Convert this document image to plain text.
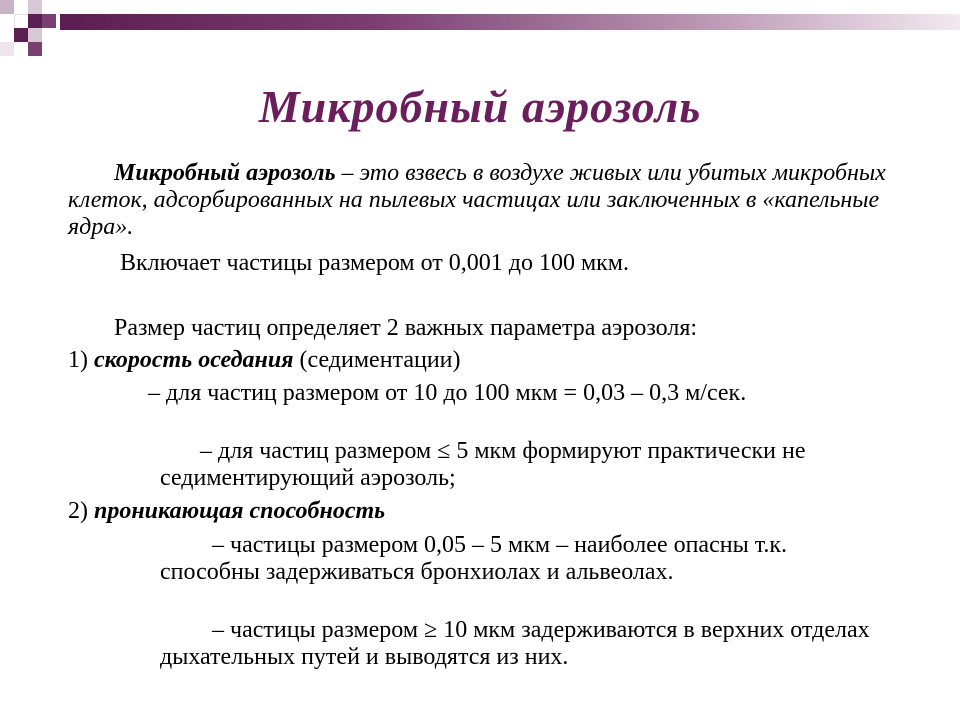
Микробный аэрозоль
Микробный аэрозоль – это взвесь в воздухе живых или убитых микробных клеток, адсорбированных на пылевых частицах или заключенных в «капельные ядра».
Включает частицы размером от 0,001 до 100 мкм.
Размер частиц определяет 2 важных параметра аэрозоля:
1) скорость оседания (седиментации)
– для частиц размером от 10 до 100 мкм = 0,03 – 0,3 м/сек.
– для частиц размером ≤ 5 мкм формируют практически не седиментирующий аэрозоль;
2) проникающая способность
– частицы размером 0,05 – 5 мкм – наиболее опасны т.к. способны задерживаться бронхиолах и альвеолах.
– частицы размером ≥ 10 мкм задерживаются в верхних отделах дыхательных путей и выводятся из них.
